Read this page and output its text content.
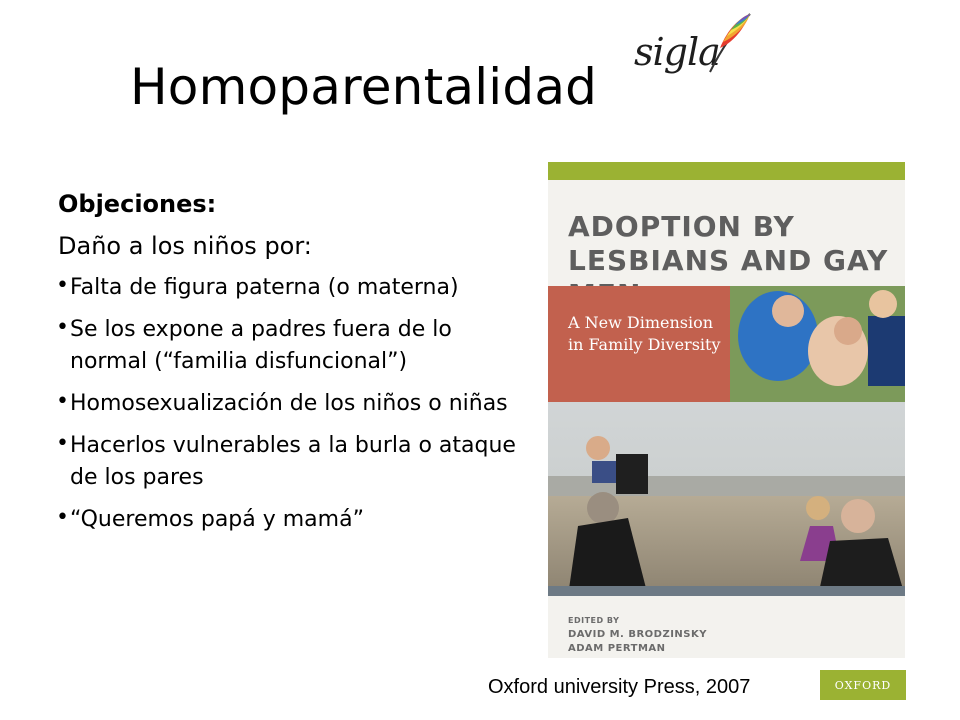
sigla
Homoparentalidad
Objeciones:
Daño a los niños por:
• Falta de figura paterna (o materna)
• Se los expone a padres fuera de lo normal (“familia disfuncional”)
• Homosexualización de los niños o niñas
• Hacerlos vulnerables a la burla o ataque de los pares
• “Queremos papá y mamá”
ADOPTION BY
LESBIANS AND GAY
A New Dimension
in Family Diversity
EDITED BY
DAVID M. BRODZINSKY
ADAM PERTMAN
Oxford university Press, 2007	OXFORD
